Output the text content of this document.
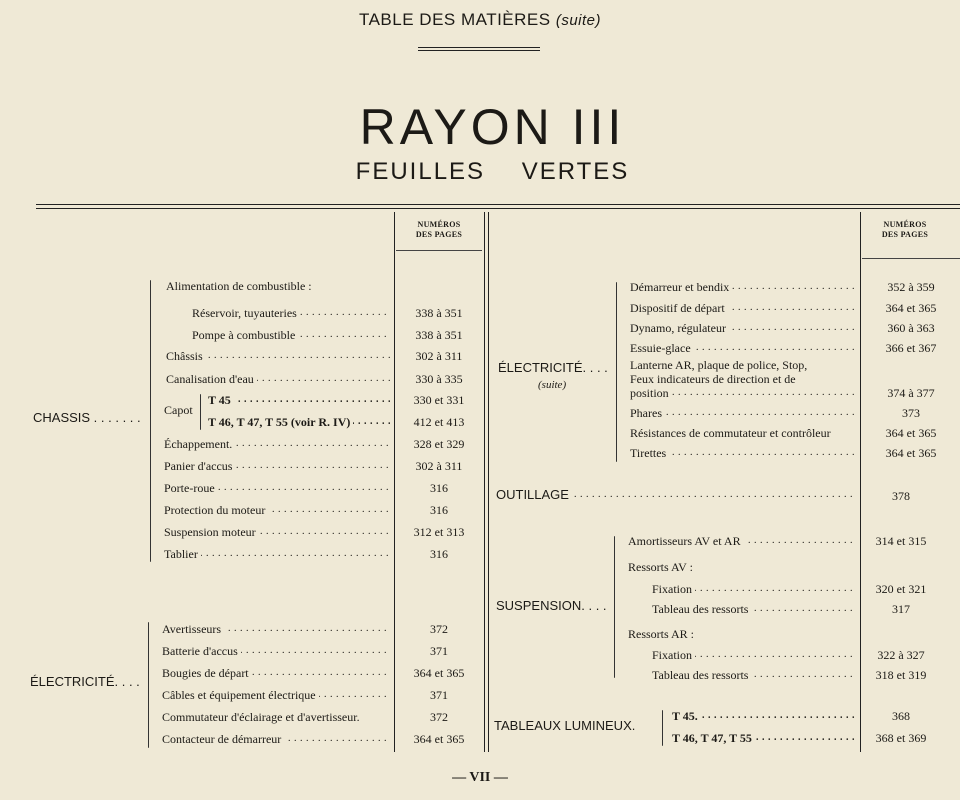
TABLE DES MATIÈRES (suite)
RAYON III
FEUILLES VERTES
NUMÉROS
DES PAGES
NUMÉROS
DES PAGES
CHASSIS . . . . . . .
Alimentation de combustible :
. . . Réservoir, tuyauteries	338 à 351
. . . Pompe à combustible	338 à 351
. . . Châssis	302 à 311
. . . Canalisation d'eau	330 à 335
Capot
. . . T 45	330 et 331
. . . T 46, T 47, T 55 (voir R. IV)	412 et 413
. . . Échappement.	328 et 329
. . . Panier d'accus	302 à 311
. . . Porte-roue	316
. . . Protection du moteur	316
. . . Suspension moteur	312 et 313
. . . Tablier	316
ÉLECTRICITÉ. . . .
. . . Avertisseurs	372
. . . Batterie d'accus	371
. . . Bougies de départ	364 et 365
. . . Câbles et équipement électrique	371
Commutateur d'éclairage et d'avertisseur.	372
. . . Contacteur de démarreur	364 et 365
ÉLECTRICITÉ. . . .
(suite)
. . . Démarreur et bendix	352 à 359
. . . Dispositif de départ	364 et 365
. . . Dynamo, régulateur	360 à 363
. . . Essuie-glace	366 et 367
Lanterne AR, plaque de police, Stop,
Feux indicateurs de direction et de
. . . position	374 à 377
. . . Phares	373
Résistances de commutateur et contrôleur	364 et 365
. . . Tirettes	364 et 365
. . . OUTILLAGE	378
SUSPENSION. . . .
. . . Amortisseurs AV et AR	314 et 315
Ressorts AV :
. . . Fixation	320 et 321
. . . Tableau des ressorts	317
Ressorts AR :
. . . Fixation	322 à 327
. . . Tableau des ressorts	318 et 319
TABLEAUX LUMINEUX.
. . . T 45.	368
. . . T 46, T 47, T 55	368 et 369
— VII —
